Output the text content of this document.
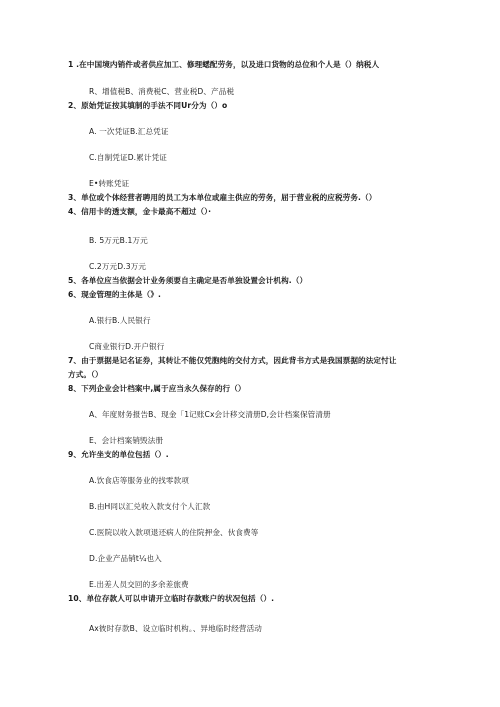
1 .在中国境内销件或者供应加工、修理蟋配劳务，以及进口货物的总位和个人是（）纳税人
R、增值税B、消费税C、营业税D、产品税
2、原始凭证按其填制的手法不同Ur分为（）o
A. 一次凭证B.汇总凭证
C.自制凭证D.累计凭证
E•转账凭证
3、单位或个体经营者聘用的员工为本单位或雇主供应的劳务，屈于营业税的应税劳务.（）
4、信用卡的透支额，金卡最高不超过（）·
B. 5万元B.1万元
C.2万元D.3万元
5、各单位应当依据会计业务须要自主确定是否单独设置会计机构.（）
6、现金管理的主体是（》.
A.银行B.人民银行
C商业银行D.开户银行
7、由于票据是记名证券，其转让不能仅凭胞纯的交付方式，因此背书方式是我国票据的法定忖让
方式。（）
8、下列企业会计档案中,属于应当永久保存的行（）
A、年度财务报告B、现金「1记账Cx会计移交清册D,会计档案保管清册
E、会计档案销毁法册
9、允许坐支的单位包括（）.
A.饮食店等服务业的找零款项
B.由H同以汇兑收入款支付个人汇款
C.医院以收入款项退还病人的住院押金、伙食费等
D.企业产品销t¼也入
E.出差人员交回的多余差旅费
10、单位存款人可以申请开立临时存款账户的状况包括（）.
Ax彼时存款B、设立临时机构。、异地临时经营活动
